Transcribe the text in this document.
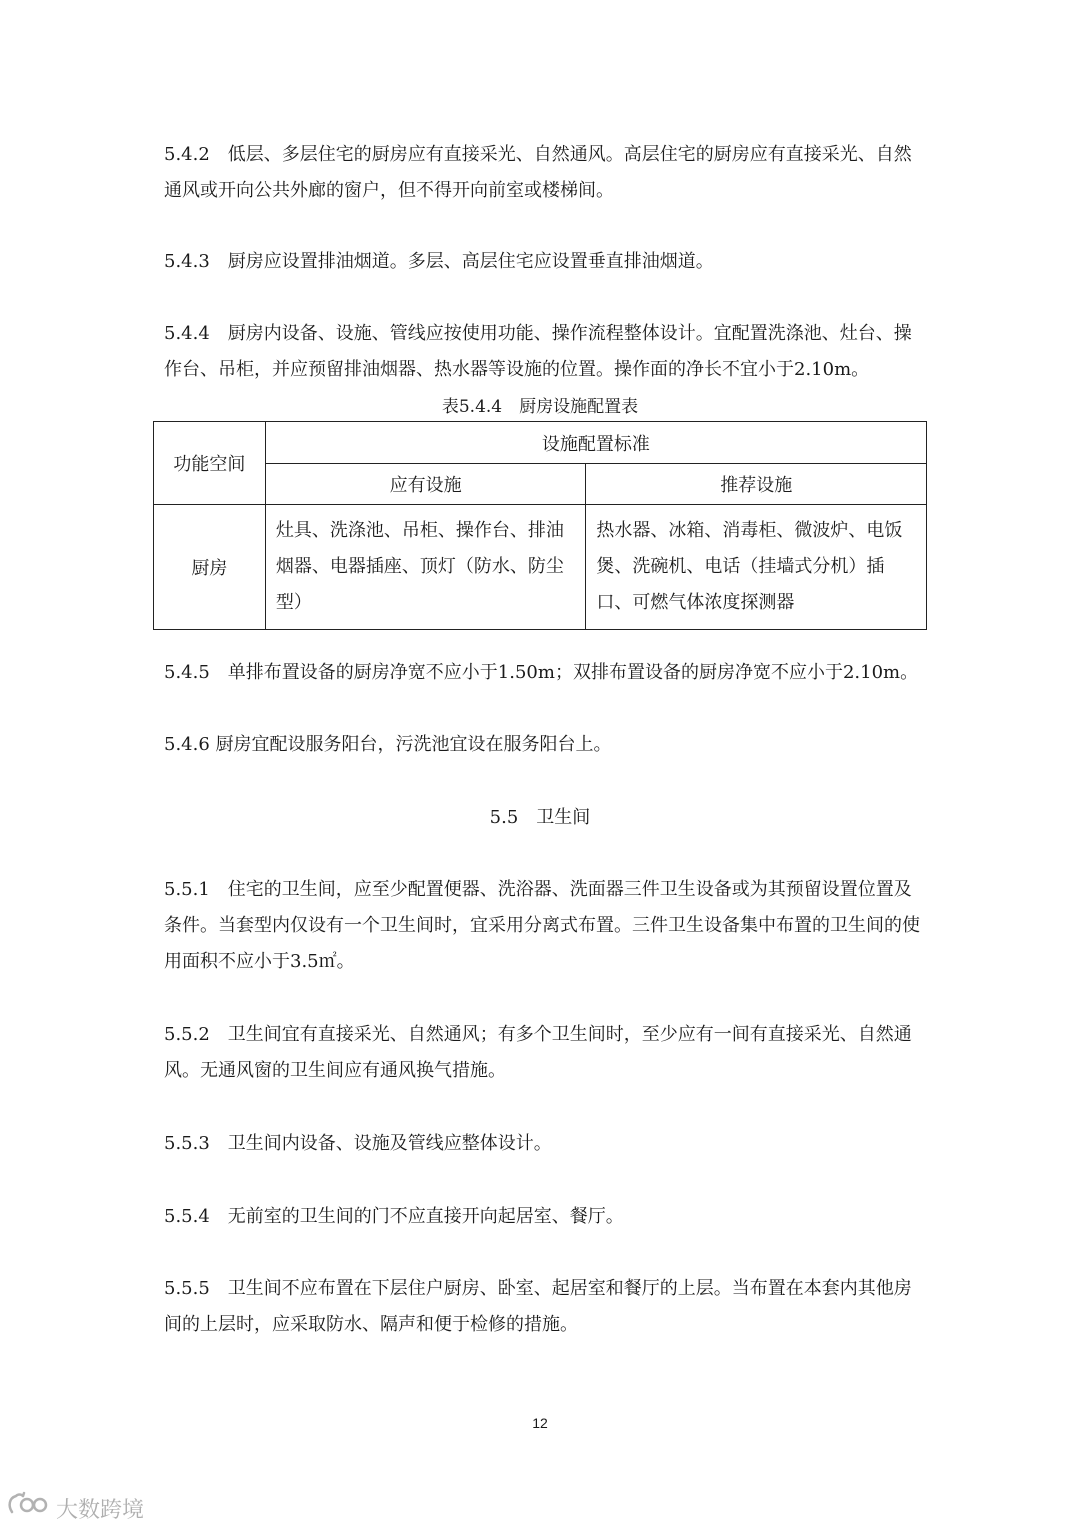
5.4.2　低层、多层住宅的厨房应有直接采光、自然通风。高层住宅的厨房应有直接采光、自然通风或开向公共外廊的窗户，但不得开向前室或楼梯间。

5.4.3　厨房应设置排油烟道。多层、高层住宅应设置垂直排油烟道。

5.4.4　厨房内设备、设施、管线应按使用功能、操作流程整体设计。宜配置洗涤池、灶台、操作台、吊柜，并应预留排油烟器、热水器等设施的位置。操作面的净长不宜小于2.10m。

表5.4.4　厨房设施配置表
功能空间	设施配置标准	
	应有设施	推荐设施
厨房	灶具、洗涤池、吊柜、操作台、排油烟器、电器插座、顶灯（防水、防尘型）	热水器、冰箱、消毒柜、微波炉、电饭煲、洗碗机、电话（挂墙式分机）插口、可燃气体浓度探测器

5.4.5　单排布置设备的厨房净宽不应小于1.50m；双排布置设备的厨房净宽不应小于2.10m。

5.4.6 厨房宜配设服务阳台，污洗池宜设在服务阳台上。

5.5　卫生间

5.5.1　住宅的卫生间，应至少配置便器、洗浴器、洗面器三件卫生设备或为其预留设置位置及条件。当套型内仅设有一个卫生间时，宜采用分离式布置。三件卫生设备集中布置的卫生间的使用面积不应小于3.5㎡。

5.5.2　卫生间宜有直接采光、自然通风；有多个卫生间时，至少应有一间有直接采光、自然通风。无通风窗的卫生间应有通风换气措施。

5.5.3　卫生间内设备、设施及管线应整体设计。

5.5.4　无前室的卫生间的门不应直接开向起居室、餐厅。

5.5.5　卫生间不应布置在下层住户厨房、卧室、起居室和餐厅的上层。当布置在本套内其他房间的上层时，应采取防水、隔声和便于检修的措施。

12
大数跨境
